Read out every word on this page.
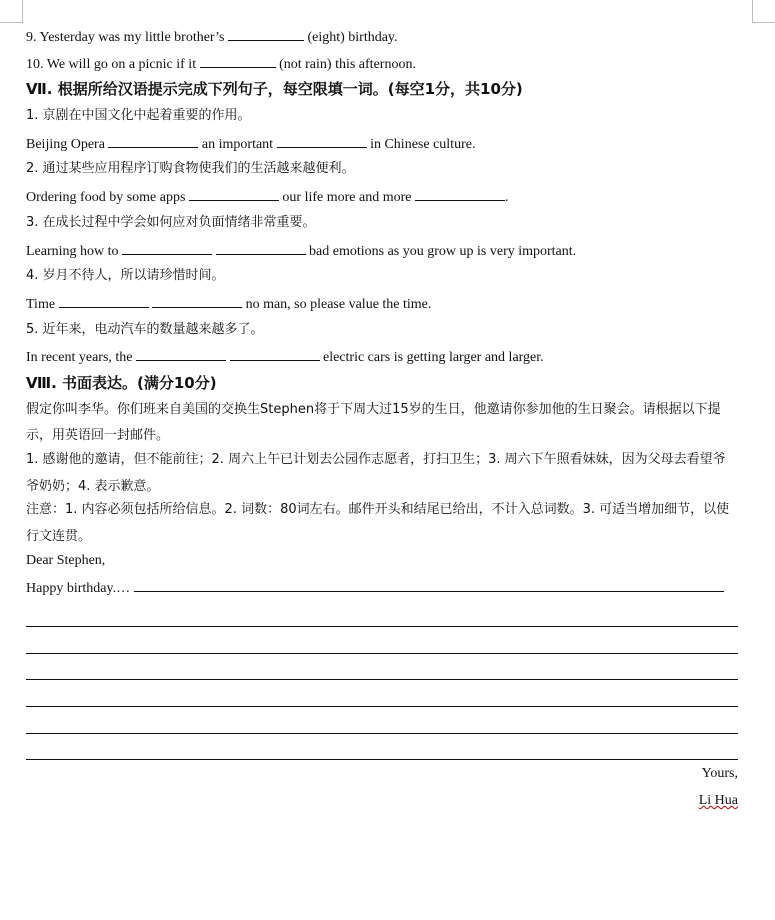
9. Yesterday was my little brother’s	(eight) birthday.
10. We will go on a picnic if it	(not rain) this afternoon.
Ⅶ. 根据所给汉语提示完成下列句子，每空限填一词。(每空1分，共10分)
1. 京剧在中国文化中起着重要的作用。
Beijing Opera	an important	in Chinese culture.
2. 通过某些应用程序订购食物使我们的生活越来越便利。
Ordering food by some apps	our life more and more	.
3. 在成长过程中学会如何应对负面情绪非常重要。
Learning how to	bad emotions as you grow up is very important.
4. 岁月不待人，所以请珍惜时间。
Time	no man, so please value the time.
5. 近年来，电动汽车的数量越来越多了。
In recent years, the	electric cars is getting larger and larger.
Ⅷ. 书面表达。(满分10分)
假定你叫李华。你们班来自美国的交换生Stephen将于下周大过15岁的生日，他邀请你参加他的生日聚会。请根据以下提示，用英语回一封邮件。
1. 感谢他的邀请，但不能前往；2. 周六上午已计划去公园作志愿者，打扫卫生；3. 周六下午照看妹妹，因为父母去看望爷爷奶奶；4. 表示歉意。
注意：1. 内容必须包括所给信息。2. 词数：80词左右。邮件开头和结尾已给出，不计入总词数。3. 可适当增加细节，以使行文连贯。
Dear Stephen,
Happy birthday.…
Yours,
Li Hua
